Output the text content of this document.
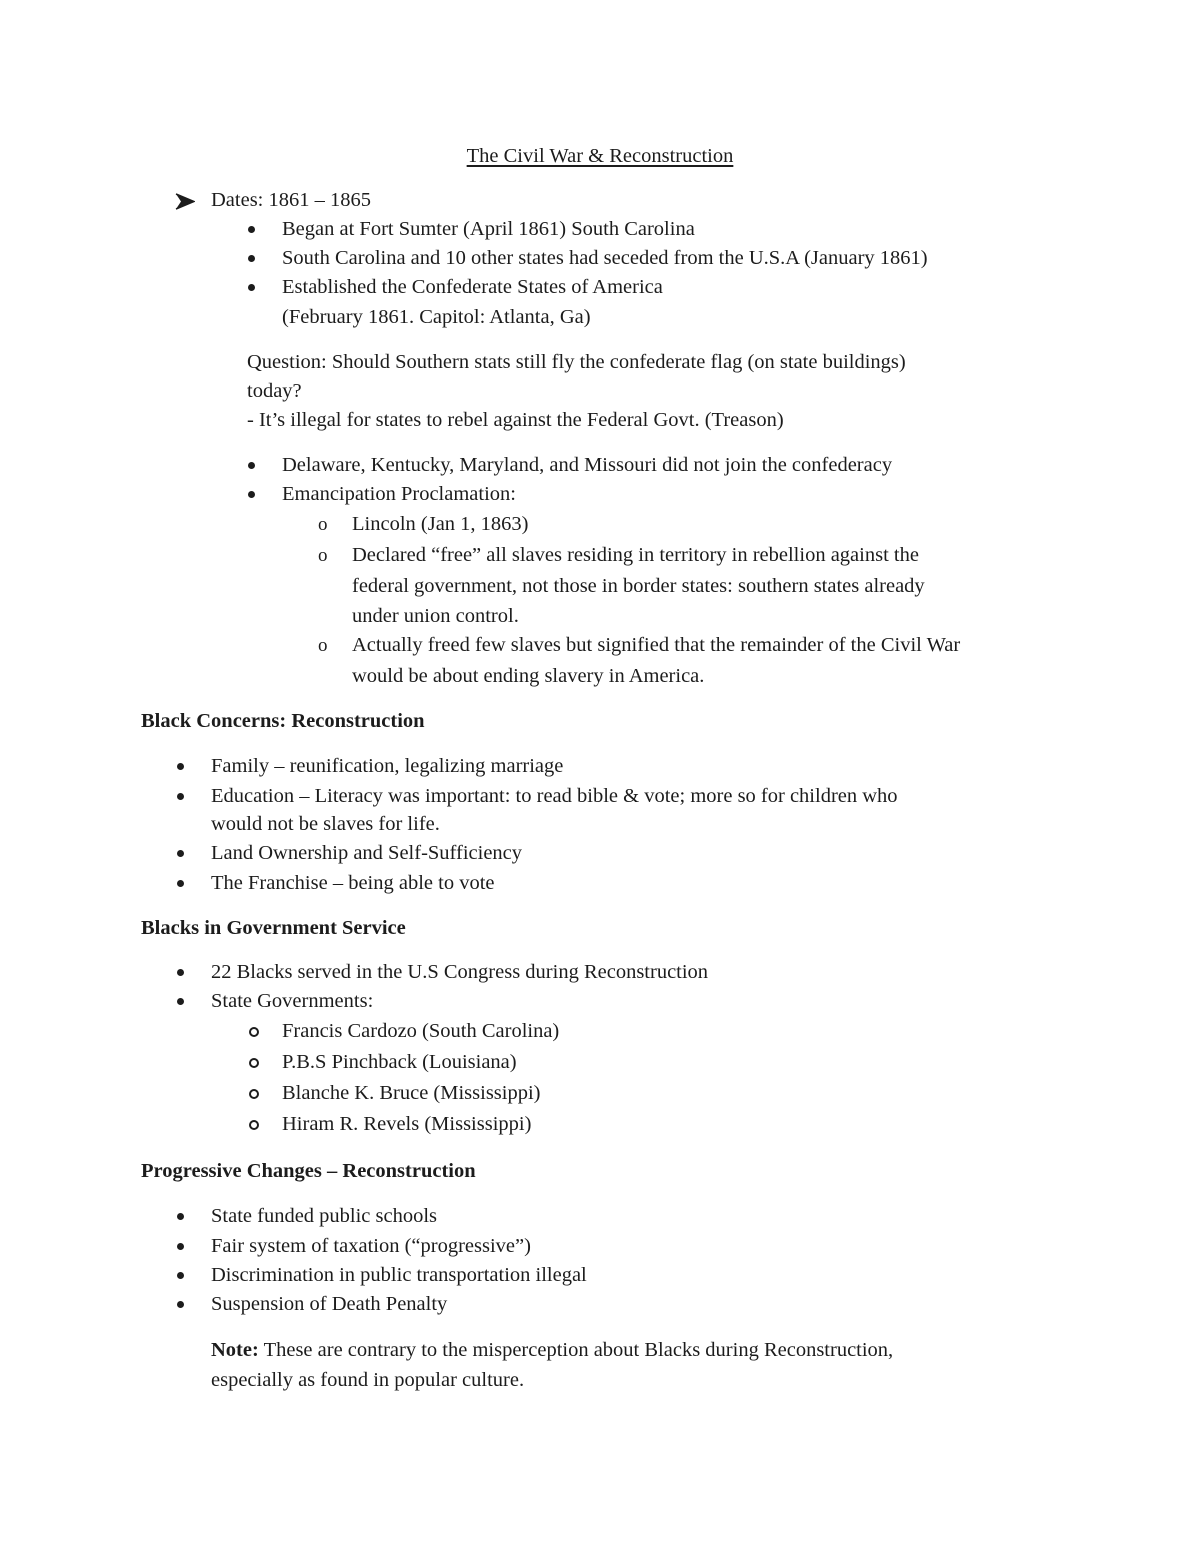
The Civil War & Reconstruction
Dates: 1861 – 1865
Began at Fort Sumter (April 1861) South Carolina
South Carolina and 10 other states had seceded from the U.S.A (January 1861)
Established the Confederate States of America
(February 1861. Capitol: Atlanta, Ga)
Question: Should Southern stats still fly the confederate flag (on state buildings)
today?
- It’s illegal for states to rebel against the Federal Govt. (Treason)
Delaware, Kentucky, Maryland, and Missouri did not join the confederacy
Emancipation Proclamation:
o Lincoln (Jan 1, 1863)
o Declared “free” all slaves residing in territory in rebellion against the
federal government, not those in border states: southern states already
under union control.
o Actually freed few slaves but signified that the remainder of the Civil War
would be about ending slavery in America.
Black Concerns: Reconstruction
Family – reunification, legalizing marriage
Education – Literacy was important: to read bible & vote; more so for children who
would not be slaves for life.
Land Ownership and Self-Sufficiency
The Franchise – being able to vote
Blacks in Government Service
22 Blacks served in the U.S Congress during Reconstruction
State Governments:
Francis Cardozo (South Carolina)
P.B.S Pinchback (Louisiana)
Blanche K. Bruce (Mississippi)
Hiram R. Revels (Mississippi)
Progressive Changes – Reconstruction
State funded public schools
Fair system of taxation (“progressive”)
Discrimination in public transportation illegal
Suspension of Death Penalty
Note: These are contrary to the misperception about Blacks during Reconstruction,
especially as found in popular culture.
